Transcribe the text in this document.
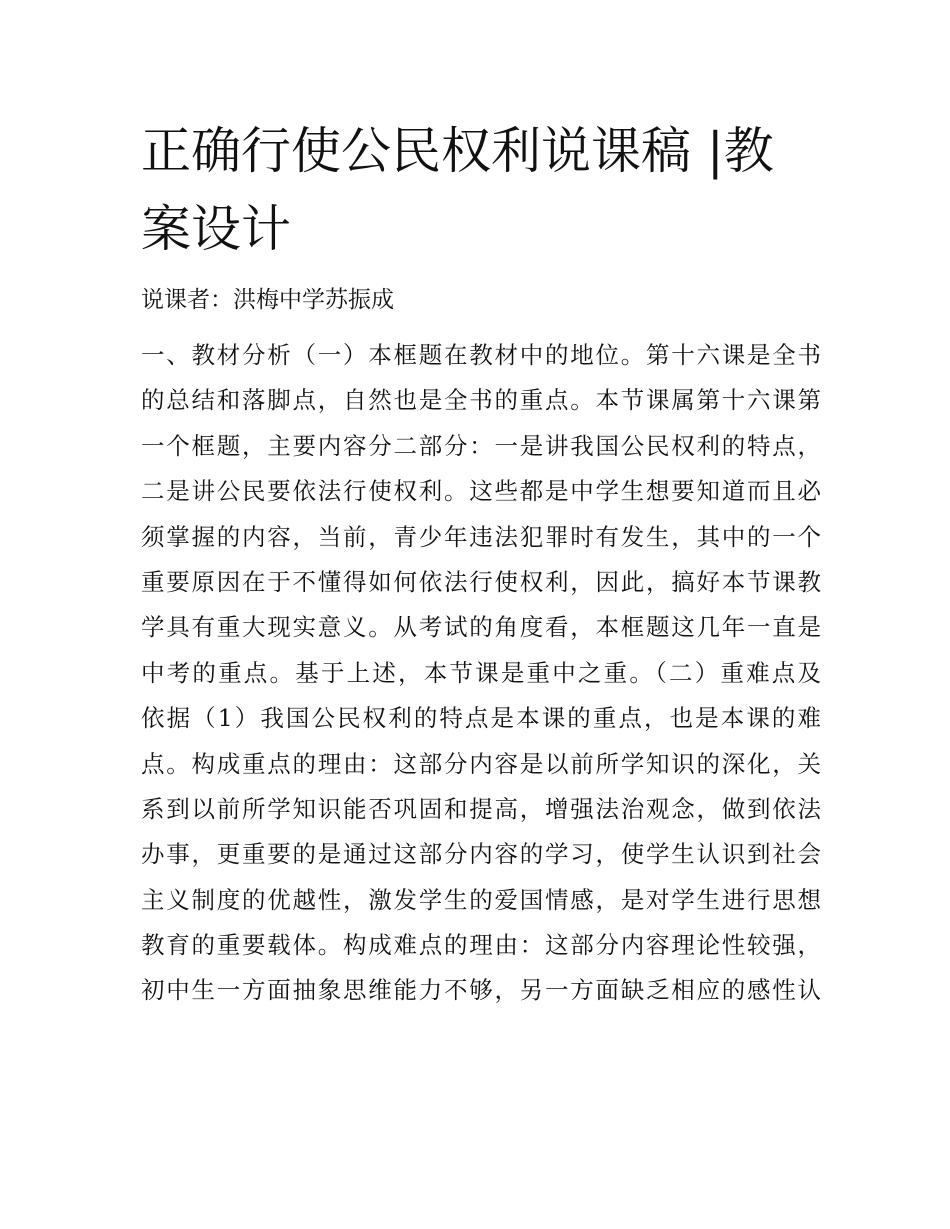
正确行使公民权利说课稿 |教
案设计

说课者：洪梅中学苏振成

一、教材分析（一）本框题在教材中的地位。第十六课是全书
的总结和落脚点，自然也是全书的重点。本节课属第十六课第
一个框题，主要内容分二部分：一是讲我国公民权利的特点，
二是讲公民要依法行使权利。这些都是中学生想要知道而且必
须掌握的内容，当前，青少年违法犯罪时有发生，其中的一个
重要原因在于不懂得如何依法行使权利，因此，搞好本节课教
学具有重大现实意义。从考试的角度看，本框题这几年一直是
中考的重点。基于上述，本节课是重中之重。（二）重难点及
依据（1）我国公民权利的特点是本课的重点，也是本课的难
点。构成重点的理由：这部分内容是以前所学知识的深化，关
系到以前所学知识能否巩固和提高，增强法治观念，做到依法
办事，更重要的是通过这部分内容的学习，使学生认识到社会
主义制度的优越性，激发学生的爱国情感，是对学生进行思想
教育的重要载体。构成难点的理由：这部分内容理论性较强，
初中生一方面抽象思维能力不够，另一方面缺乏相应的感性认
